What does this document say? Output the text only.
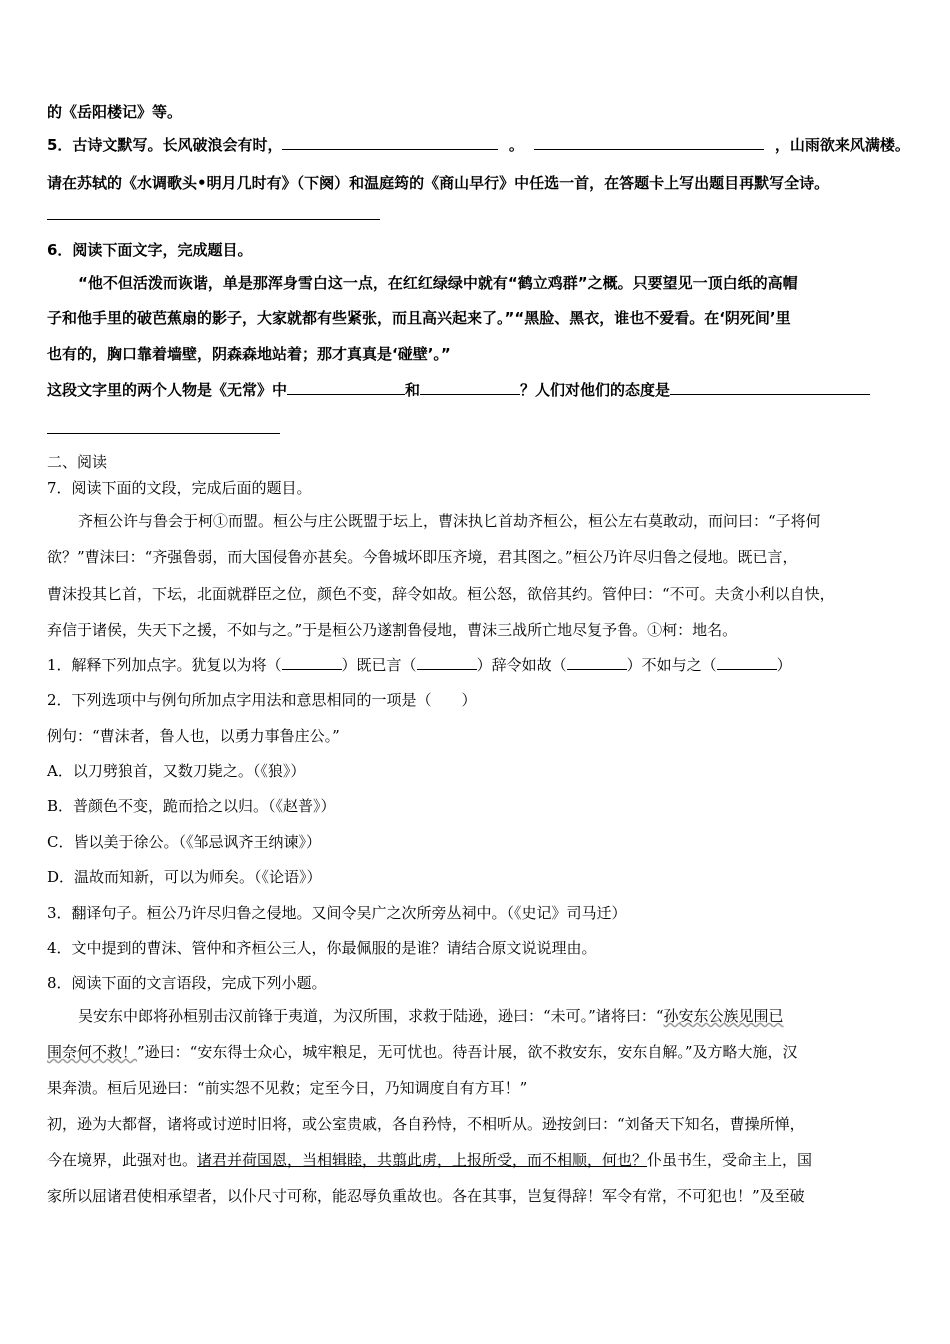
的《岳阳楼记》等。
5．古诗文默写。长风破浪会有时，	。	，山雨欲来风满楼。
请在苏轼的《水调歌头•明月几时有》（下阕）和温庭筠的《商山早行》中任选一首，在答题卡上写出题目再默写全诗。
6．阅读下面文字，完成题目。
“他不但活泼而诙谐，单是那浑身雪白这一点，在红红绿绿中就有“鹤立鸡群”之概。只要望见一顶白纸的高帽
子和他手里的破芭蕉扇的影子，大家就都有些紧张，而且高兴起来了。”“黑脸、黑衣，谁也不爱看。在‘阴死间’里
也有的，胸口靠着墙壁，阴森森地站着；那才真真是‘碰壁’。”
这段文字里的两个人物是《无常》中	和	？人们对他们的态度是
二、阅读
7．阅读下面的文段，完成后面的题目。
齐桓公许与鲁会于柯①而盟。桓公与庄公既盟于坛上，曹沫执匕首劫齐桓公，桓公左右莫敢动，而问曰：“子将何
欲？”曹沫曰：“齐强鲁弱，而大国侵鲁亦甚矣。今鲁城坏即压齐境，君其图之。”桓公乃许尽归鲁之侵地。既已言，
曹沫投其匕首，下坛，北面就群臣之位，颜色不变，辞令如故。桓公怒，欲倍其约。管仲曰：“不可。夫贪小利以自快，
弃信于诸侯，失天下之援，不如与之。”于是桓公乃遂割鲁侵地，曹沫三战所亡地尽复予鲁。①柯：地名。
1．解释下列加点字。犹复以为将（	）既已言（	）辞令如故（	）不如与之（	）
2．下列选项中与例句所加点字用法和意思相同的一项是（　　）
例句：“曹沫者，鲁人也，以勇力事鲁庄公。”
A．以刀劈狼首，又数刀毙之。（《狼》）
B．普颜色不变，跪而拾之以归。（《赵普》）
C．皆以美于徐公。（《邹忌讽齐王纳谏》）
D．温故而知新，可以为师矣。（《论语》）
3．翻译句子。桓公乃许尽归鲁之侵地。又间令吴广之次所旁丛祠中。（《史记》司马迁）
4．文中提到的曹沫、管仲和齐桓公三人，你最佩服的是谁？请结合原文说说理由。
8．阅读下面的文言语段，完成下列小题。
吴安东中郎将孙桓别击汉前锋于夷道，为汉所围，求救于陆逊，逊曰：“未可。”诸将曰：“孙安东公族见围已
围奈何不救！”逊曰：“安东得士众心，城牢粮足，无可忧也。待吾计展，欲不救安东，安东自解。”及方略大施，汉
果奔溃。桓后见逊曰：“前实怨不见救；定至今日，乃知调度自有方耳！”
初，逊为大都督，诸将或讨逆时旧将，或公室贵戚，各自矜恃，不相听从。逊按剑曰：“刘备天下知名，曹操所惮，
今在境界，此强对也。诸君并荷国恩，当相辑睦，共翦此虏，上报所受，而不相顺，何也？仆虽书生，受命主上，国
家所以屈诸君使相承望者，以仆尺寸可称，能忍辱负重故也。各在其事，岂复得辞！军令有常，不可犯也！”及至破
